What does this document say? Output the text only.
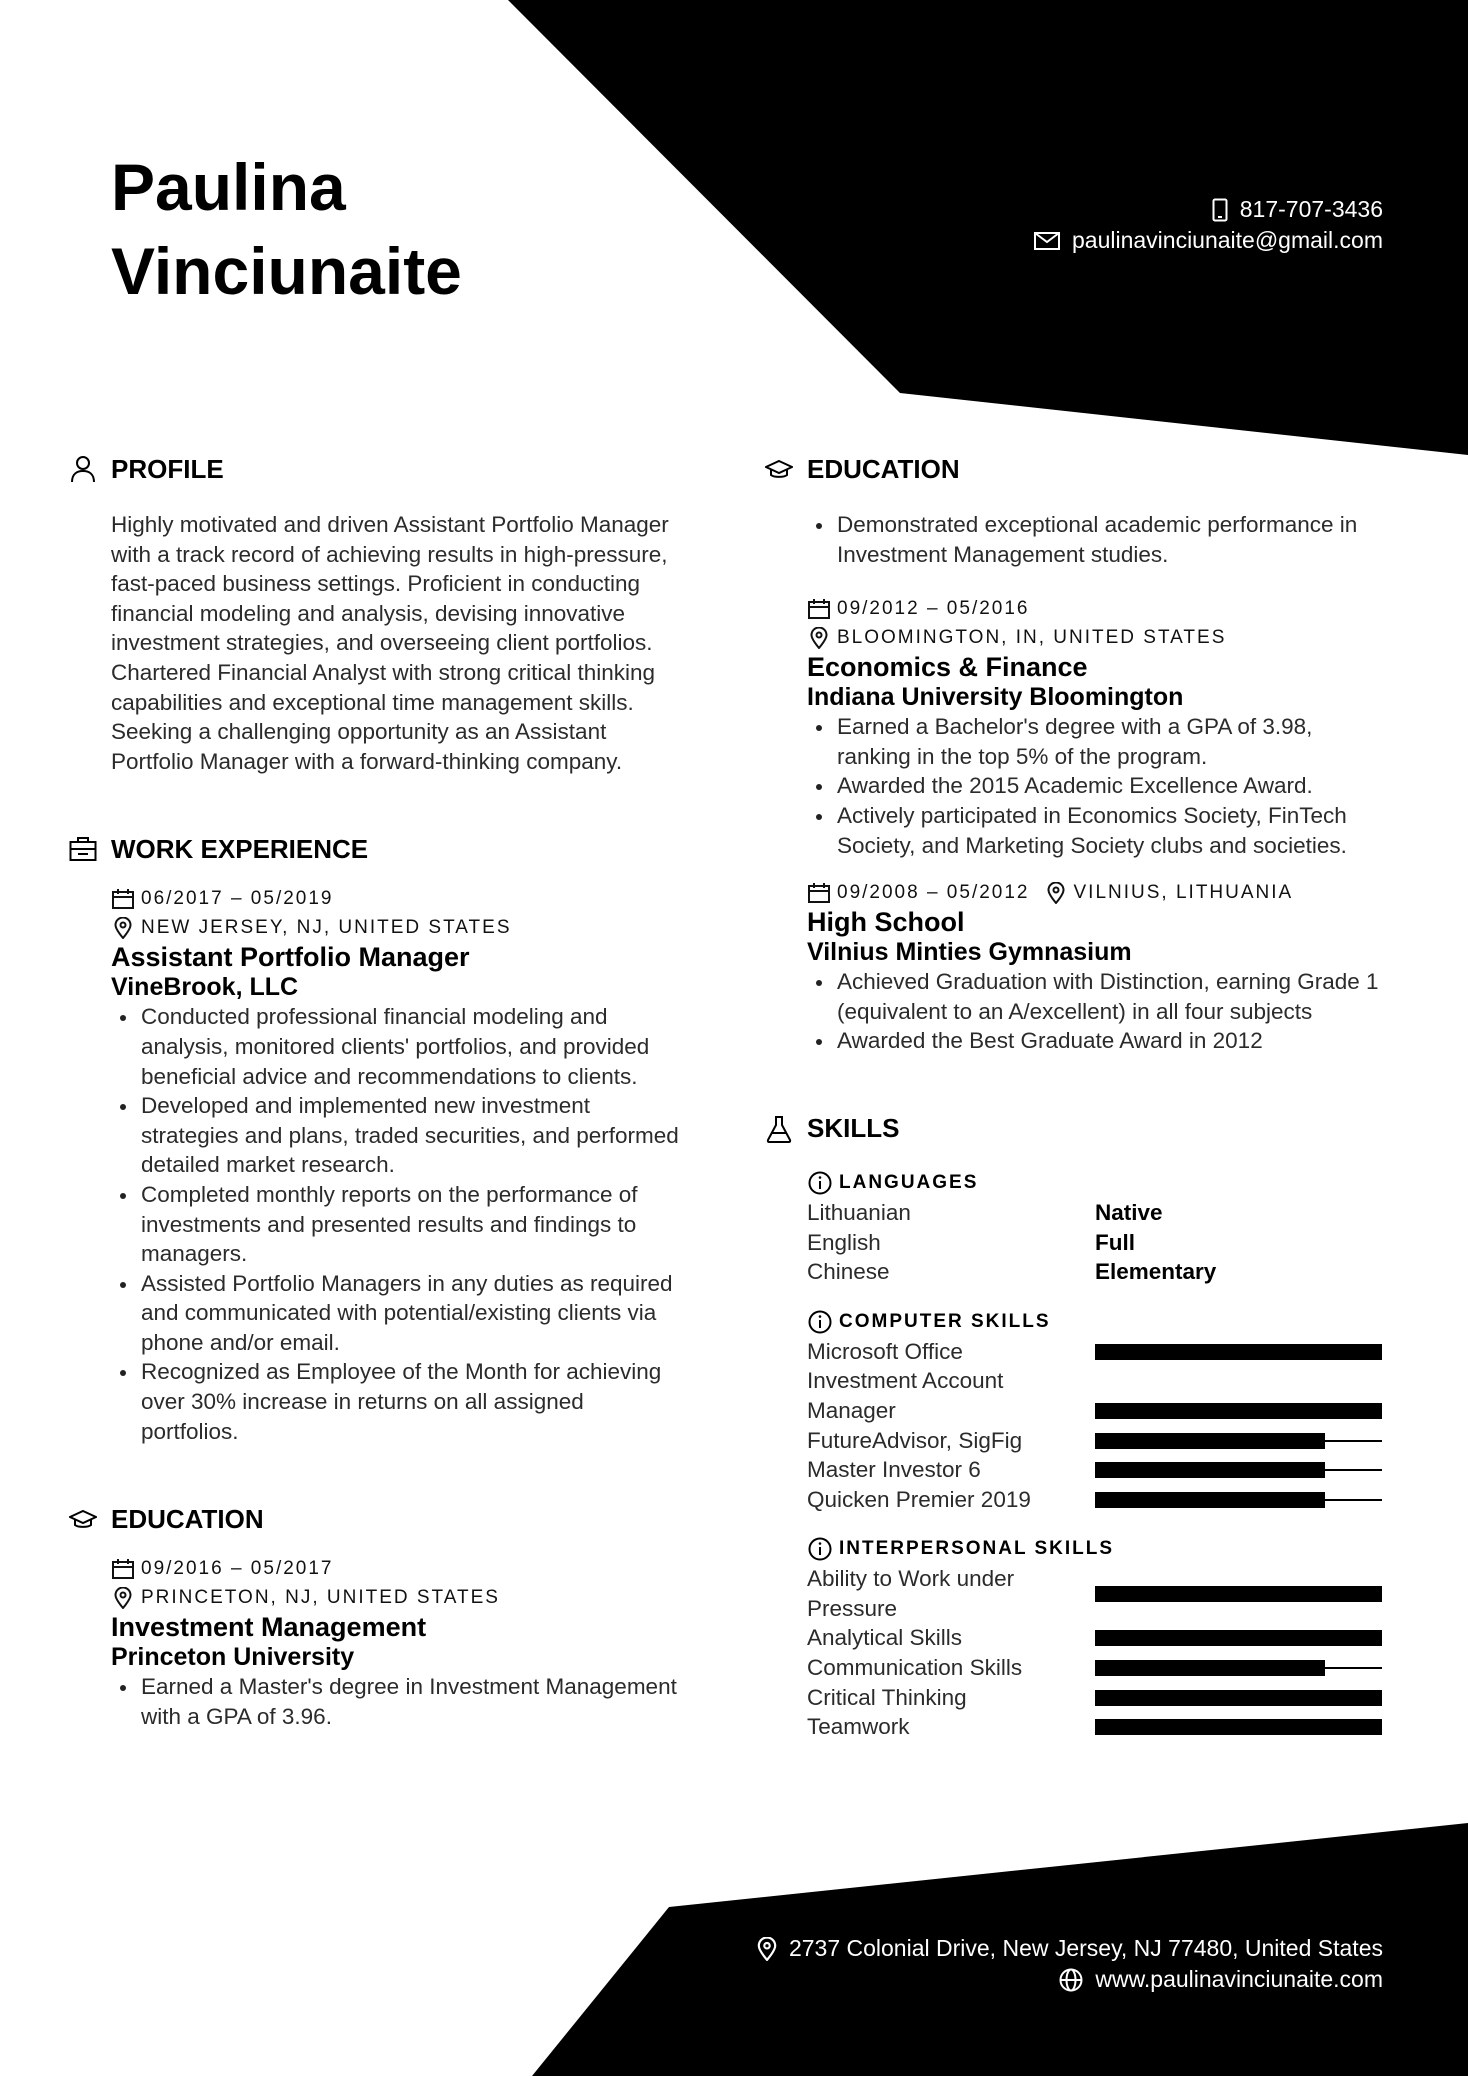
Paulina
Vinciunaite
817-707-3436
paulinavinciunaite@gmail.com
PROFILE
Highly motivated and driven Assistant Portfolio Manager with a track record of achieving results in high-pressure, fast-paced business settings. Proficient in conducting financial modeling and analysis, devising innovative investment strategies, and overseeing client portfolios. Chartered Financial Analyst with strong critical thinking capabilities and exceptional time management skills. Seeking a challenging opportunity as an Assistant Portfolio Manager with a forward-thinking company.
WORK EXPERIENCE
06/2017 – 05/2019
NEW JERSEY, NJ, UNITED STATES
Assistant Portfolio Manager
VineBrook, LLC
Conducted professional financial modeling and analysis, monitored clients' portfolios, and provided beneficial advice and recommendations to clients.
Developed and implemented new investment strategies and plans, traded securities, and performed detailed market research.
Completed monthly reports on the performance of investments and presented results and findings to managers.
Assisted Portfolio Managers in any duties as required and communicated with potential/existing clients via phone and/or email.
Recognized as Employee of the Month for achieving over 30% increase in returns on all assigned portfolios.
EDUCATION
09/2016 – 05/2017
PRINCETON, NJ, UNITED STATES
Investment Management
Princeton University
Earned a Master's degree in Investment Management with a GPA of 3.96.
EDUCATION
Demonstrated exceptional academic performance in Investment Management studies.
09/2012 – 05/2016
BLOOMINGTON, IN, UNITED STATES
Economics & Finance
Indiana University Bloomington
Earned a Bachelor's degree with a GPA of 3.98, ranking in the top 5% of the program.
Awarded the 2015 Academic Excellence Award.
Actively participated in Economics Society, FinTech Society, and Marketing Society clubs and societies.
09/2008 – 05/2012 VILNIUS, LITHUANIA
High School
Vilnius Minties Gymnasium
Achieved Graduation with Distinction, earning Grade 1 (equivalent to an A/excellent) in all four subjects
Awarded the Best Graduate Award in 2012
SKILLS
LANGUAGES
Lithuanian	Native
English	Full
Chinese	Elementary
COMPUTER SKILLS
Microsoft Office
Investment Account Manager
FutureAdvisor, SigFig
Master Investor 6
Quicken Premier 2019
INTERPERSONAL SKILLS
Ability to Work under Pressure
Analytical Skills
Communication Skills
Critical Thinking
Teamwork
2737 Colonial Drive, New Jersey, NJ 77480, United States
www.paulinavinciunaite.com
